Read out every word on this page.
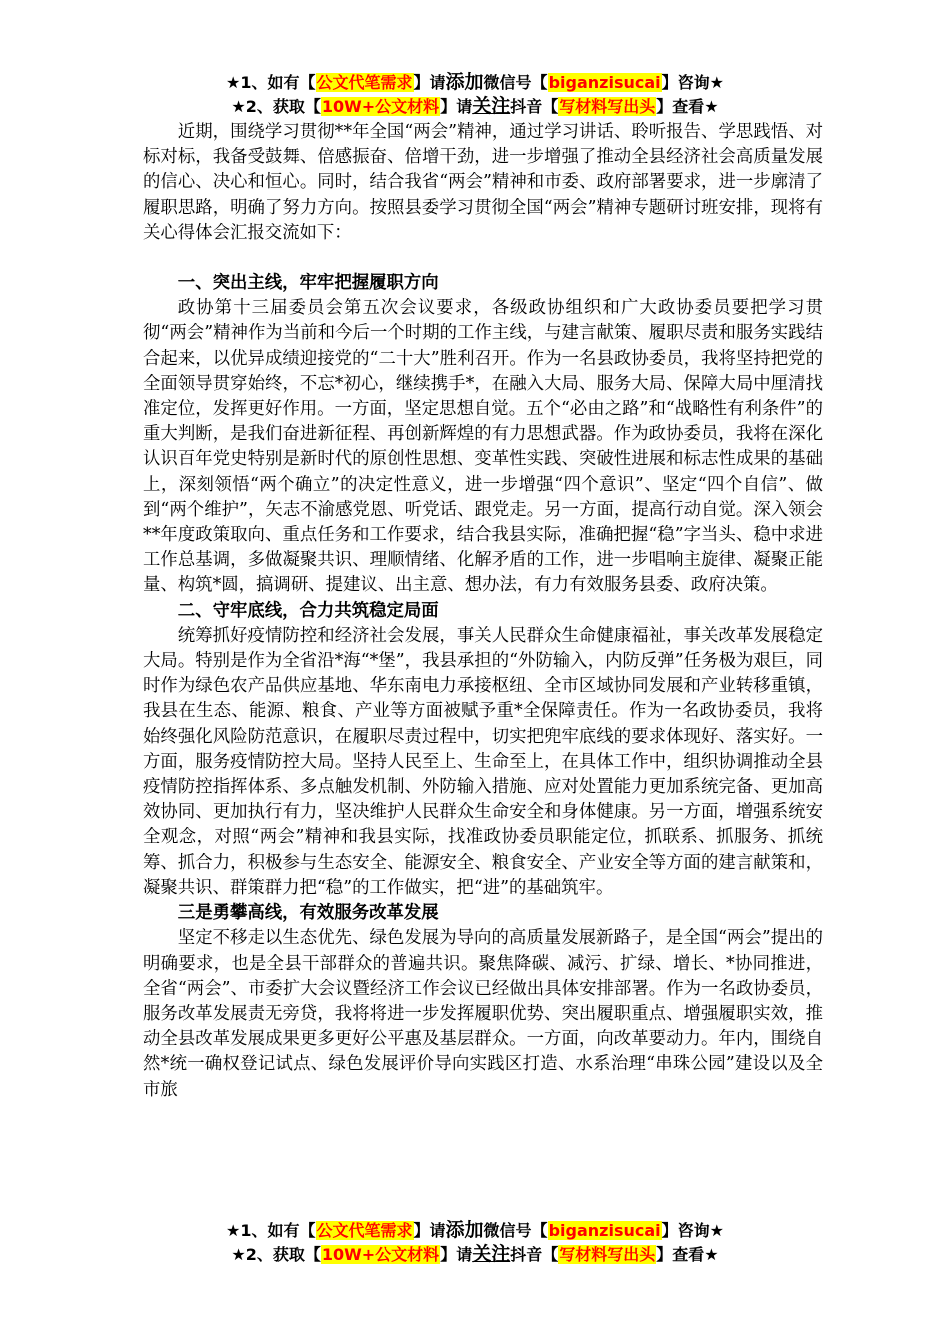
★1、如有【公文代笔需求】请添加微信号【biganzisucai】咨询★
★2、获取【10W+公文材料】请关注抖音【写材料写出头】查看★

近期，围绕学习贯彻**年全国“两会”精神，通过学习讲话、聆听报告、学思践悟、对标对标，我备受鼓舞、倍感振奋、倍增干劲，进一步增强了推动全县经济社会高质量发展的信心、决心和恒心。同时，结合我省“两会”精神和市委、政府部署要求，进一步廓清了履职思路，明确了努力方向。按照县委学习贯彻全国“两会”精神专题研讨班安排，现将有关心得体会汇报交流如下：

一、突出主线，牢牢把握履职方向

政协第十三届委员会第五次会议要求，各级政协组织和广大政协委员要把学习贯彻“两会”精神作为当前和今后一个时期的工作主线，与建言献策、履职尽责和服务实践结合起来，以优异成绩迎接党的“二十大”胜利召开。作为一名县政协委员，我将坚持把党的全面领导贯穿始终，不忘*初心，继续携手*，在融入大局、服务大局、保障大局中厘清找准定位，发挥更好作用。一方面，坚定思想自觉。五个“必由之路”和“战略性有利条件”的重大判断，是我们奋进新征程、再创新辉煌的有力思想武器。作为政协委员，我将在深化认识百年党史特别是新时代的原创性思想、变革性实践、突破性进展和标志性成果的基础上，深刻领悟“两个确立”的决定性意义，进一步增强“四个意识”、坚定“四个自信”、做到“两个维护”，矢志不渝感党恩、听党话、跟党走。另一方面，提高行动自觉。深入领会**年度政策取向、重点任务和工作要求，结合我县实际，准确把握“稳”字当头、稳中求进工作总基调，多做凝聚共识、理顺情绪、化解矛盾的工作，进一步唱响主旋律、凝聚正能量、构筑*圆，搞调研、提建议、出主意、想办法，有力有效服务县委、政府决策。

二、守牢底线，合力共筑稳定局面

统筹抓好疫情防控和经济社会发展，事关人民群众生命健康福祉，事关改革发展稳定大局。特别是作为全省沿*海“*堡”，我县承担的“外防输入，内防反弹”任务极为艰巨，同时作为绿色农产品供应基地、华东南电力承接枢纽、全市区域协同发展和产业转移重镇，我县在生态、能源、粮食、产业等方面被赋予重*全保障责任。作为一名政协委员，我将始终强化风险防范意识，在履职尽责过程中，切实把兜牢底线的要求体现好、落实好。一方面，服务疫情防控大局。坚持人民至上、生命至上，在具体工作中，组织协调推动全县疫情防控指挥体系、多点触发机制、外防输入措施、应对处置能力更加系统完备、更加高效协同、更加执行有力，坚决维护人民群众生命安全和身体健康。另一方面，增强系统安全观念，对照“两会”精神和我县实际，找准政协委员职能定位，抓联系、抓服务、抓统筹、抓合力，积极参与生态安全、能源安全、粮食安全、产业安全等方面的建言献策和，凝聚共识、群策群力把“稳”的工作做实，把“进”的基础筑牢。

三是勇攀高线，有效服务改革发展

坚定不移走以生态优先、绿色发展为导向的高质量发展新路子，是全国“两会”提出的明确要求，也是全县干部群众的普遍共识。聚焦降碳、减污、扩绿、增长、*协同推进，全省“两会”、市委扩大会议暨经济工作会议已经做出具体安排部署。作为一名政协委员，服务改革发展责无旁贷，我将将进一步发挥履职优势、突出履职重点、增强履职实效，推动全县改革发展成果更多更好公平惠及基层群众。一方面，向改革要动力。年内，围绕自然*统一确权登记试点、绿色发展评价导向实践区打造、水系治理“串珠公园”建设以及全市旅

★1、如有【公文代笔需求】请添加微信号【biganzisucai】咨询★
★2、获取【10W+公文材料】请关注抖音【写材料写出头】查看★
